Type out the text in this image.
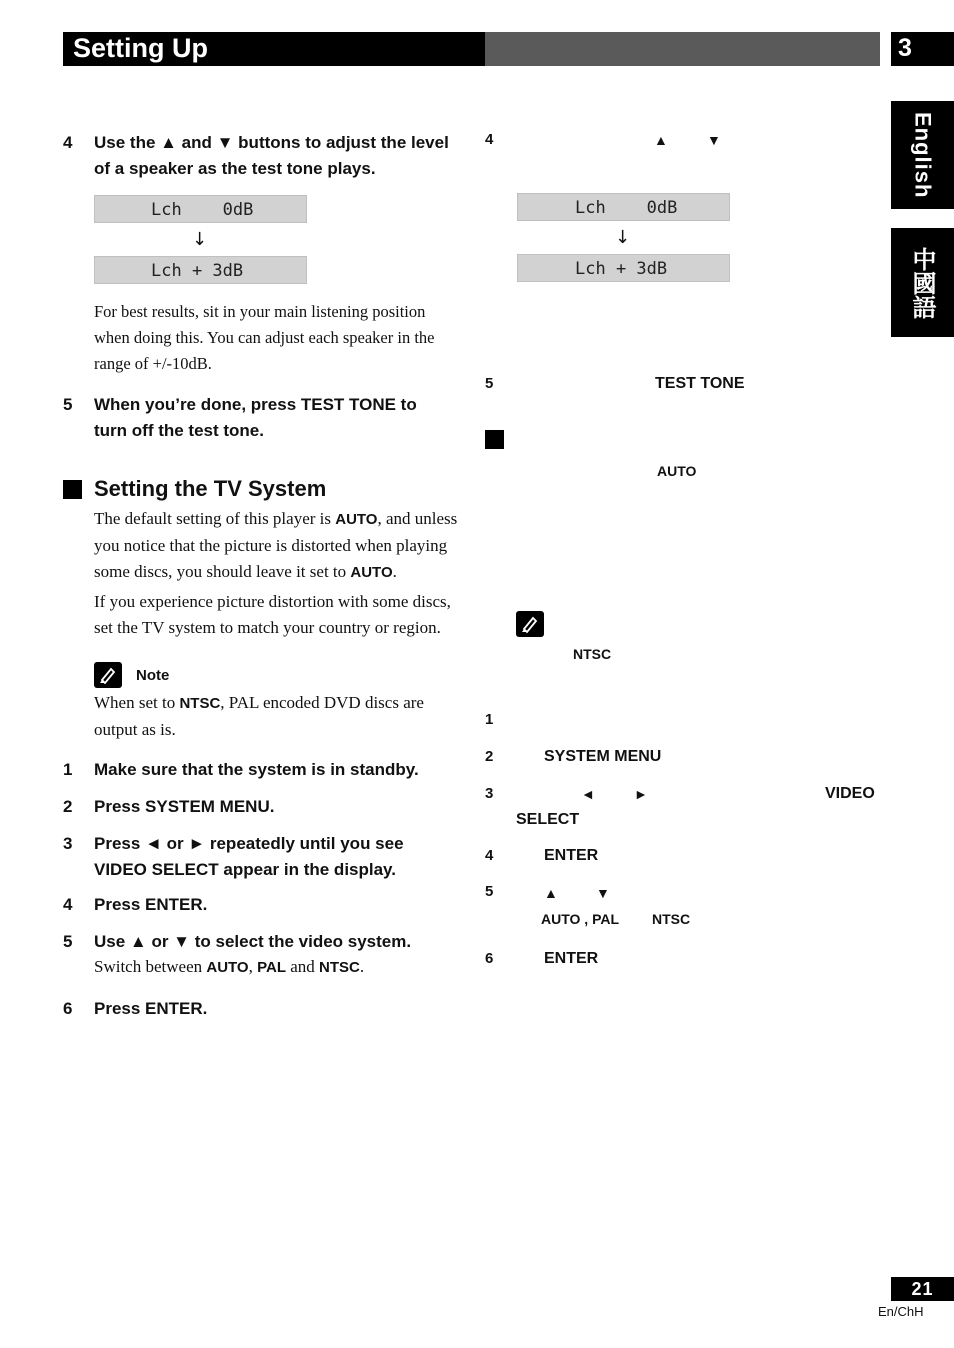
Setting Up	3
English
中國語
4 Use the ▲ and ▼ buttons to adjust the level of a speaker as the test tone plays.
Lch    0dB
↓
Lch + 3dB
For best results, sit in your main listening position when doing this. You can adjust each speaker in the range of +/-10dB.
5 When you’re done, press TEST TONE to turn off the test tone.
Setting the TV System
The default setting of this player is AUTO, and unless you notice that the picture is distorted when playing some discs, you should leave it set to AUTO.
If you experience picture distortion with some discs, set the TV system to match your country or region.
Note
When set to NTSC, PAL encoded DVD discs are output as is.
1 Make sure that the system is in standby.
2 Press SYSTEM MENU.
3 Press ◄ or ► repeatedly until you see VIDEO SELECT appear in the display.
4 Press ENTER.
5 Use ▲ or ▼ to select the video system.
Switch between AUTO, PAL and NTSC.
6 Press ENTER.
4	▲	▼
Lch    0dB
↓
Lch + 3dB
5	TEST TONE
AUTO
NTSC
1
2	SYSTEM MENU
3	◄	►	VIDEO
SELECT
4	ENTER
5	▲	▼
AUTO , PAL NTSC
6	ENTER
21
En/ChH
